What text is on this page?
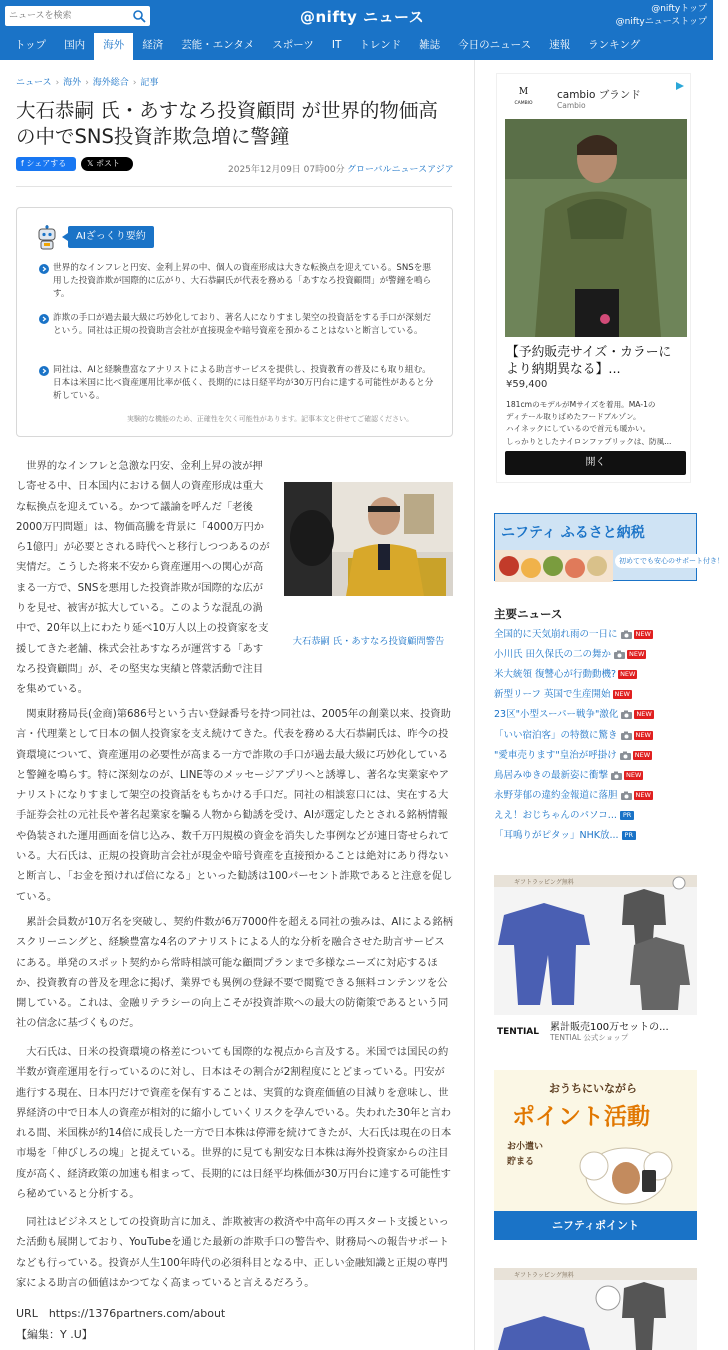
ニュースを検索
@nifty ニュース	@niftyトップ
@niftyニューストップ
トップ	国内	海外	経済	芸能・エンタメ	スポーツ	IT	トレンド	雑誌	今日のニュース	速報	ランキング
ニュース › 海外 › 海外総合 › 記事
大石恭嗣 氏・あすなろ投資顧問 が世界的物価高の中でSNS投資詐欺急増に警鐘
f シェアする	𝕏 ポスト
2025年12月09日 07時00分 グローバルニュースアジア
AIざっくり要約

世界的なインフレと円安、金利上昇の中、個人の資産形成は大きな転換点を迎えている。SNSを悪用した投資詐欺が国際的に広がり、大石恭嗣氏が代表を務める「あすなろ投資顧問」が警鐘を鳴らす。

詐欺の手口が過去最大級に巧妙化しており、著名人になりすまし架空の投資話をする手口が深刻だという。同社は正規の投資助言会社が直接現金や暗号資産を預かることはないと断言している。

同社は、AIと経験豊富なアナリストによる助言サービスを提供し、投資教育の普及にも取り組む。日本は米国に比べ資産運用比率が低く、長期的には日経平均が30万円台に達する可能性があると分析している。

実験的な機能のため、正確性を欠く可能性があります。記事本文と併せてご確認ください。
大石恭嗣 氏・あすなろ投資顧問警告

世界的なインフレと急激な円安、金利上昇の波が押し寄せる中、日本国内における個人の資産形成は重大な転換点を迎えている。かつて議論を呼んだ「老後2000万円問題」は、物価高騰を背景に「4000万円から1億円」が必要とされる時代へと移行しつつあるのが実情だ。こうした将来不安から資産運用への関心が高まる一方で、SNSを悪用した投資詐欺が国際的な広がりを見せ、被害が拡大している。このような混乱の渦中で、20年以上にわたり延べ10万人以上の投資家を支援してきた老舗、株式会社あすなろが運営する「あすなろ投資顧問」が、その堅実な実績と啓蒙活動で注目を集めている。

関東財務局長(金商)第686号という古い登録番号を持つ同社は、2005年の創業以来、投資助言・代理業として日本の個人投資家を支え続けてきた。代表を務める大石恭嗣氏は、昨今の投資環境について、資産運用の必要性が高まる一方で詐欺の手口が過去最大級に巧妙化していると警鐘を鳴らす。特に深刻なのが、LINE等のメッセージアプリへと誘導し、著名な実業家やアナリストになりすまして架空の投資話をもちかける手口だ。同社の相談窓口には、実在する大手証券会社の元社長や著名起業家を騙る人物から勧誘を受け、AIが選定したとされる銘柄情報や偽装された運用画面を信じ込み、数千万円規模の資金を消失した事例などが連日寄せられている。大石氏は、正規の投資助言会社が現金や暗号資産を直接預かることは絶対にあり得ないと断言し、「お金を預ければ倍になる」といった勧誘は100パーセント詐欺であると注意を促している。

累計会員数が10万名を突破し、契約件数が6万7000件を超える同社の強みは、AIによる銘柄スクリーニングと、経験豊富な4名のアナリストによる人的な分析を融合させた助言サービスにある。単発のスポット契約から常時相談可能な顧問プランまで多様なニーズに対応するほか、投資教育の普及を理念に掲げ、業界でも異例の登録不要で閲覧できる無料コンテンツを公開している。これは、金融リテラシーの向上こそが投資詐欺への最大の防衛策であるという同社の信念に基づくものだ。

大石氏は、日米の投資環境の格差についても国際的な視点から言及する。米国では国民の約半数が資産運用を行っているのに対し、日本はその割合が2割程度にとどまっている。円安が進行する現在、日本円だけで資産を保有することは、実質的な資産価値の目減りを意味し、世界経済の中で日本人の資産が相対的に縮小していくリスクを孕んでいる。失われた30年と言われる間、米国株が約14倍に成長した一方で日本株は停滞を続けてきたが、大石氏は現在の日本市場を「伸びしろの塊」と捉えている。世界的に見ても割安な日本株は海外投資家からの注目度が高く、経済政策の加速も相まって、長期的には日経平均株価が30万円台に達する可能性すら秘めていると分析する。

同社はビジネスとしての投資助言に加え、詐欺被害の救済や中高年の再スタート支援といった活動も展開しており、YouTubeを通じた最新の詐欺手口の警告や、財務局への報告サポートなども行っている。投資が人生100年時代の必須科目となる中、正しい金融知識と正規の専門家による助言の価値はかつてなく高まっていると言えるだろう。

URL　https://1376partners.com/about
【編集：Y .U】
M
CAMBIO
cambio ブランド
Cambio
【予約販売サイズ・カラーにより納期異なる】...
¥59,400
181cmのモデルがMサイズを着用。MA-1の
ディテール取りばめたフードブルゾン。
ハイネックにしているので首元も暖かい。
しっかりとしたナイロンファブリックは、防風...
開く
ニフティ ふるさと納税
初めてでも安心のサポート付き！
主要ニュース
全国的に天気崩れ雨の一日に	NEW
小川氏 田久保氏の二の舞か	NEW
米大統領 復讐心が行動動機? NEW
新型リーフ 英国で生産開始 NEW
23区"小型スーパー戦争"激化	NEW
「いい宿泊客」の特徴に驚き	NEW
"愛車売ります"皇治が呼掛け	NEW
鳥居みゆきの最新姿に衝撃	NEW
永野芽郁の違約金報道に落胆	NEW
ええ！おじちゃんのパソコ... PR
「耳鳴りがピタッ」NHK放... PR
ギフトラッピング無料
TENTIAL 累計販売100万セットの...
TENTIAL 公式ショップ
おうちにいながら
ポイント活動
お小遣い
貯まる
ニフティポイント
ギフトラッピング無料
